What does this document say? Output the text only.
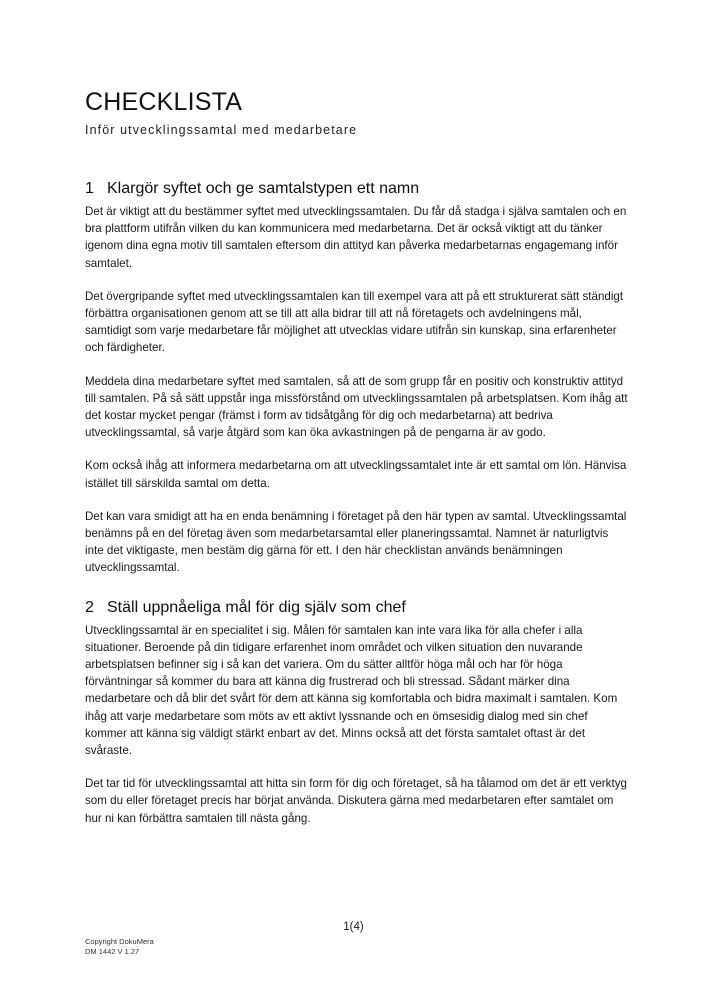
CHECKLISTA

Inför utvecklingssamtal med medarbetare

1 Klargör syftet och ge samtalstypen ett namn

Det är viktigt att du bestämmer syftet med utvecklingssamtalen. Du får då stadga i själva samtalen och en bra plattform utifrån vilken du kan kommunicera med medarbetarna. Det är också viktigt att du tänker igenom dina egna motiv till samtalen eftersom din attityd kan påverka medarbetarnas engagemang inför samtalet.

Det övergripande syftet med utvecklingssamtalen kan till exempel vara att på ett strukturerat sätt ständigt förbättra organisationen genom att se till att alla bidrar till att nå företagets och avdelningens mål, samtidigt som varje medarbetare får möjlighet att utvecklas vidare utifrån sin kunskap, sina erfarenheter och färdigheter.

Meddela dina medarbetare syftet med samtalen, så att de som grupp får en positiv och konstruktiv attityd till samtalen. På så sätt uppstår inga missförstånd om utvecklingssamtalen på arbetsplatsen. Kom ihåg att det kostar mycket pengar (främst i form av tidsåtgång för dig och medarbetarna) att bedriva utvecklingssamtal, så varje åtgärd som kan öka avkastningen på de pengarna är av godo.

Kom också ihåg att informera medarbetarna om att utvecklingssamtalet inte är ett samtal om lön. Hänvisa istället till särskilda samtal om detta.

Det kan vara smidigt att ha en enda benämning i företaget på den här typen av samtal. Utvecklingssamtal benämns på en del företag även som medarbetarsamtal eller planeringssamtal. Namnet är naturligtvis inte det viktigaste, men bestäm dig gärna för ett. I den här checklistan används benämningen utvecklingssamtal.

2 Ställ uppnåeliga mål för dig själv som chef

Utvecklingssamtal är en specialitet i sig. Målen för samtalen kan inte vara lika för alla chefer i alla situationer. Beroende på din tidigare erfarenhet inom området och vilken situation den nuvarande arbetsplatsen befinner sig i så kan det variera. Om du sätter alltför höga mål och har för höga förväntningar så kommer du bara att känna dig frustrerad och bli stressad. Sådant märker dina medarbetare och då blir det svårt för dem att känna sig komfortabla och bidra maximalt i samtalen. Kom ihåg att varje medarbetare som möts av ett aktivt lyssnande och en ömsesidig dialog med sin chef kommer att känna sig väldigt stärkt enbart av det. Minns också att det första samtalet oftast är det svåraste.

Det tar tid för utvecklingssamtal att hitta sin form för dig och företaget, så ha tålamod om det är ett verktyg som du eller företaget precis har börjat använda. Diskutera gärna med medarbetaren efter samtalet om hur ni kan förbättra samtalen till nästa gång.

1(4)
Copyright DokuMera
DM 1442 V 1.27
